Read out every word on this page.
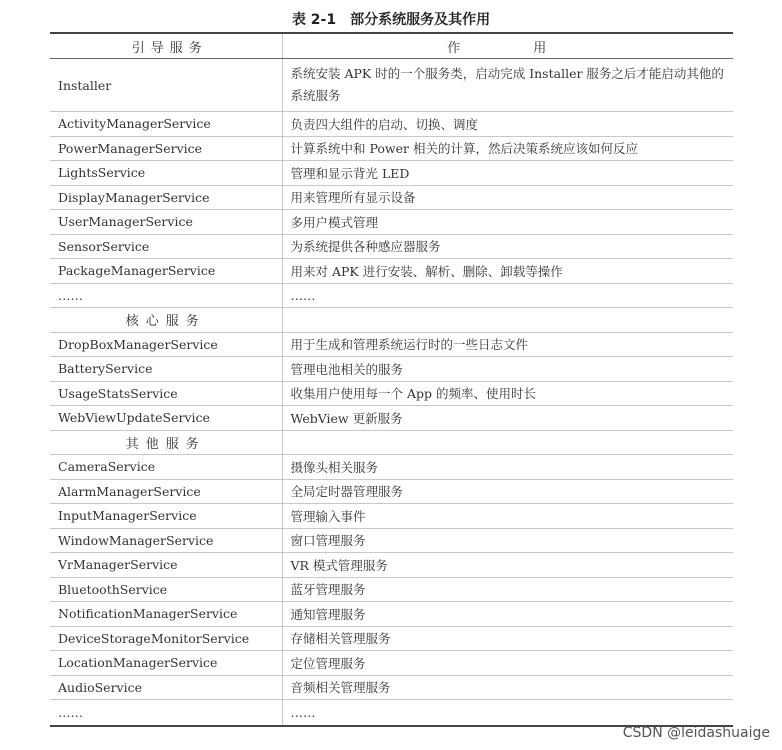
表 2-1　部分系统服务及其作用
引导服务	作　用
Installer	系统安装 APK 时的一个服务类，启动完成 Installer 服务之后才能启动其他的系统服务
ActivityManagerService	负责四大组件的启动、切换、调度
PowerManagerService	计算系统中和 Power 相关的计算，然后决策系统应该如何反应
LightsService	管理和显示背光 LED
DisplayManagerService	用来管理所有显示设备
UserManagerService	多用户模式管理
SensorService	为系统提供各种感应器服务
PackageManagerService	用来对 APK 进行安装、解析、删除、卸载等操作
……	……
核心服务	
DropBoxManagerService	用于生成和管理系统运行时的一些日志文件
BatteryService	管理电池相关的服务
UsageStatsService	收集用户使用每一个 App 的频率、使用时长
WebViewUpdateService	WebView 更新服务
其他服务	
CameraService	摄像头相关服务
AlarmManagerService	全局定时器管理服务
InputManagerService	管理输入事件
WindowManagerService	窗口管理服务
VrManagerService	VR 模式管理服务
BluetoothService	蓝牙管理服务
NotificationManagerService	通知管理服务
DeviceStorageMonitorService	存储相关管理服务
LocationManagerService	定位管理服务
AudioService	音频相关管理服务
……	……
CSDN @leidashuaige
